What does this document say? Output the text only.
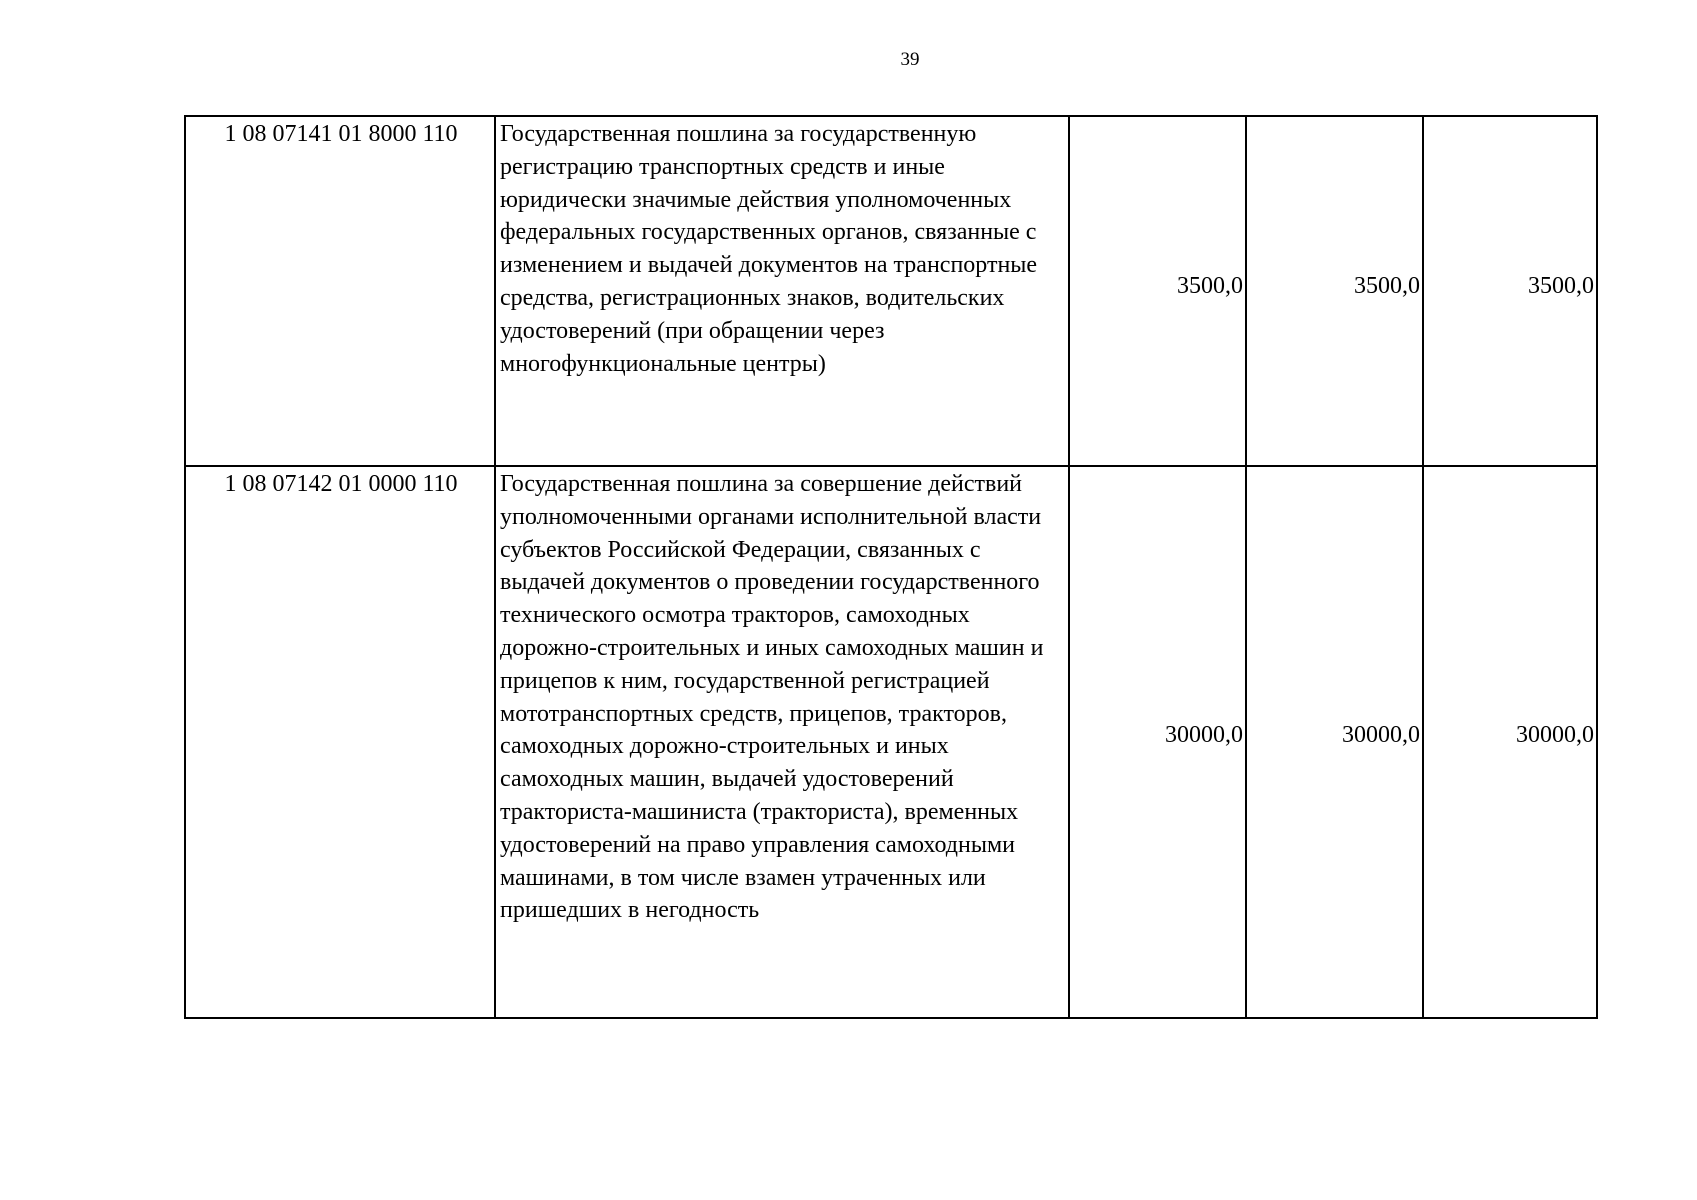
39
1 08 07141 01 8000 110	Государственная пошлина за государственную регистрацию транспортных средств и иные юридически значимые действия уполномоченных федеральных государственных органов, связанные с изменением и выдачей документов на транспортные средства, регистрационных знаков, водительских удостоверений (при обращении через многофункциональные центры)	3500,0	3500,0	3500,0
1 08 07142 01 0000 110	Государственная пошлина за совершение действий уполномоченными органами исполнительной власти субъектов Российской Федерации, связанных с выдачей документов о проведении государственного технического осмотра тракторов, самоходных дорожно-строительных и иных самоходных машин и прицепов к ним, государственной регистрацией мототранспортных средств, прицепов, тракторов, самоходных дорожно-строительных и иных самоходных машин, выдачей удостоверений тракториста-машиниста (тракториста), временных удостоверений на право управления самоходными машинами, в том числе взамен утраченных или пришедших в негодность	30000,0	30000,0	30000,0
